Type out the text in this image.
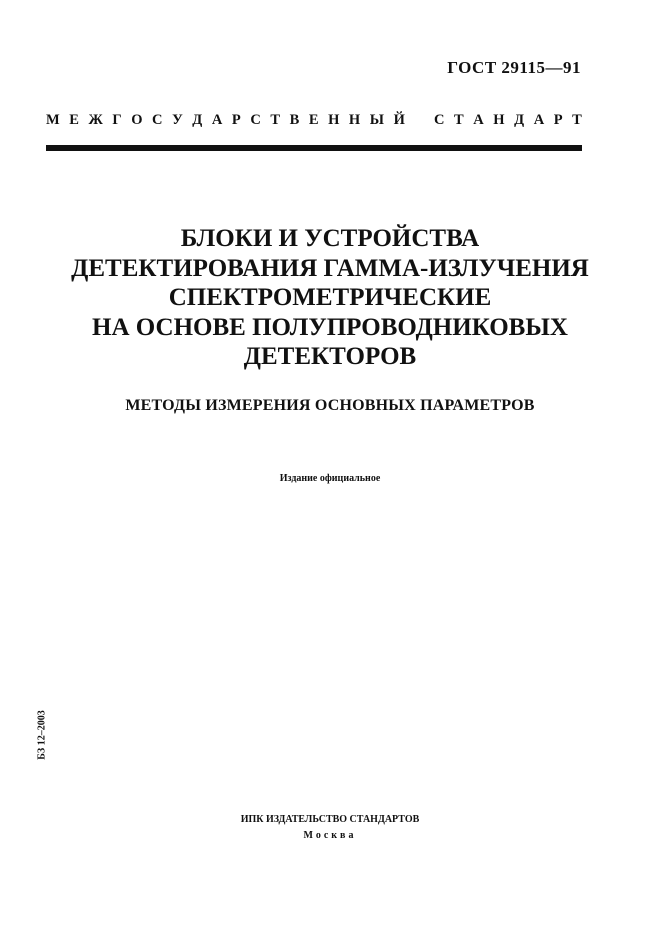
ГОСТ 29115—91
М Е Ж Г О С У Д А Р С Т В Е Н Н Ы Й С Т А Н Д А Р Т
БЛОКИ И УСТРОЙСТВА
ДЕТЕКТИРОВАНИЯ ГАММА-ИЗЛУЧЕНИЯ
СПЕКТРОМЕТРИЧЕСКИЕ
НА ОСНОВЕ ПОЛУПРОВОДНИКОВЫХ
ДЕТЕКТОРОВ
МЕТОДЫ ИЗМЕРЕНИЯ ОСНОВНЫХ ПАРАМЕТРОВ
Издание официальное
БЗ 12–2003
ИПК ИЗДАТЕЛЬСТВО СТАНДАРТОВ
Москва
